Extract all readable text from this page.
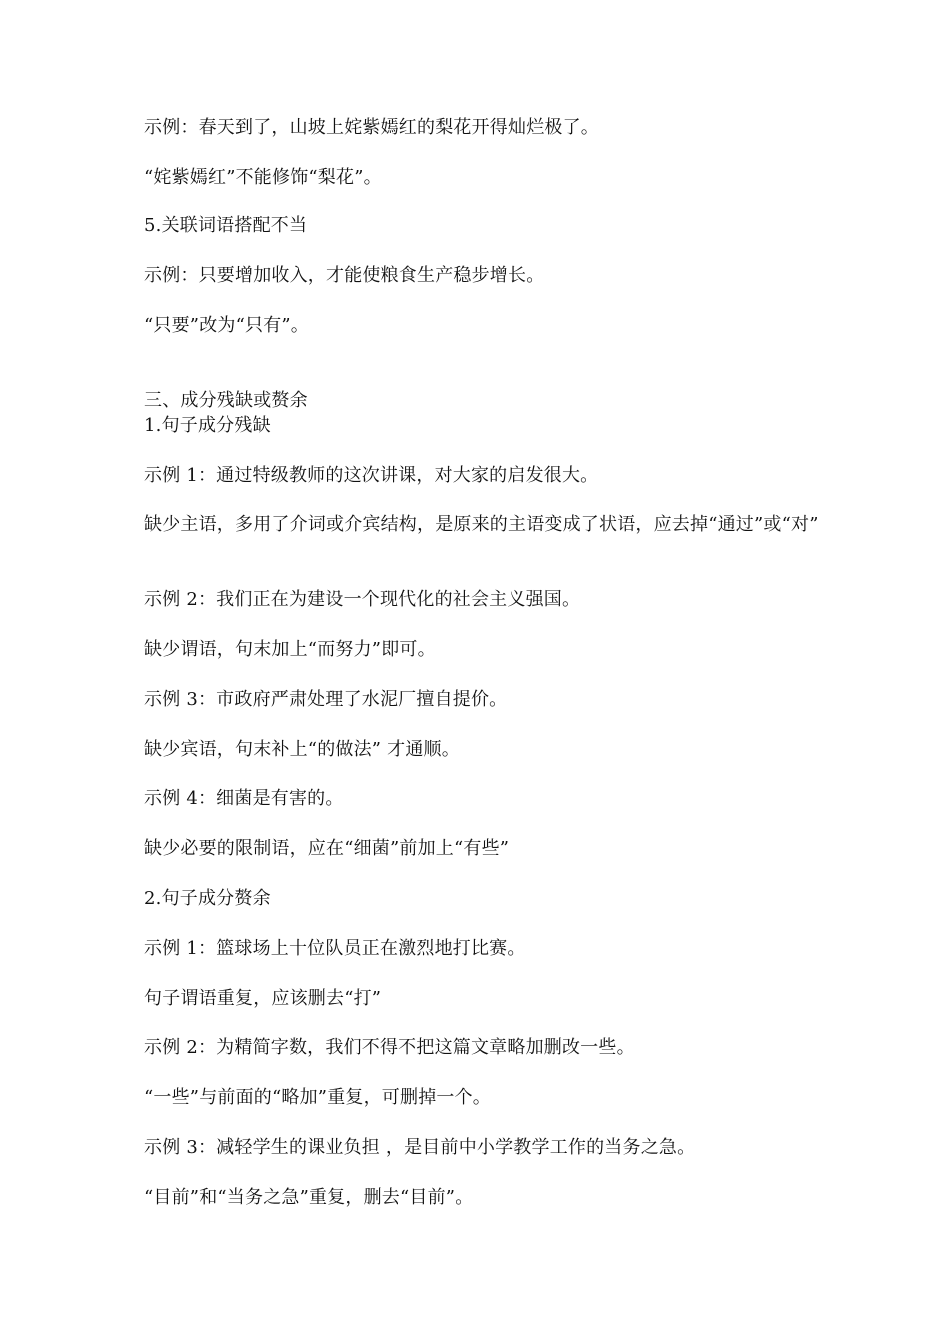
示例：春天到了，山坡上姹紫嫣红的梨花开得灿烂极了。
“姹紫嫣红”不能修饰“梨花”。
5.关联词语搭配不当
示例：只要增加收入，才能使粮食生产稳步增长。
“只要”改为“只有”。
三、成分残缺或赘余
1.句子成分残缺
示例 1：通过特级教师的这次讲课，对大家的启发很大。
缺少主语，多用了介词或介宾结构，是原来的主语变成了状语，应去掉“通过”或“对”
示例 2：我们正在为建设一个现代化的社会主义强国。
缺少谓语，句末加上“而努力”即可。
示例 3：市政府严肃处理了水泥厂擅自提价。
缺少宾语，句末补上“的做法” 才通顺。
示例 4：细菌是有害的。
缺少必要的限制语，应在“细菌”前加上“有些”
2.句子成分赘余
示例 1：篮球场上十位队员正在激烈地打比赛。
句子谓语重复，应该删去“打”
示例 2：为精简字数，我们不得不把这篇文章略加删改一些。
“一些”与前面的“略加”重复，可删掉一个。
示例 3：减轻学生的课业负担 ，是目前中小学教学工作的当务之急。
“目前”和“当务之急”重复，删去“目前”。
